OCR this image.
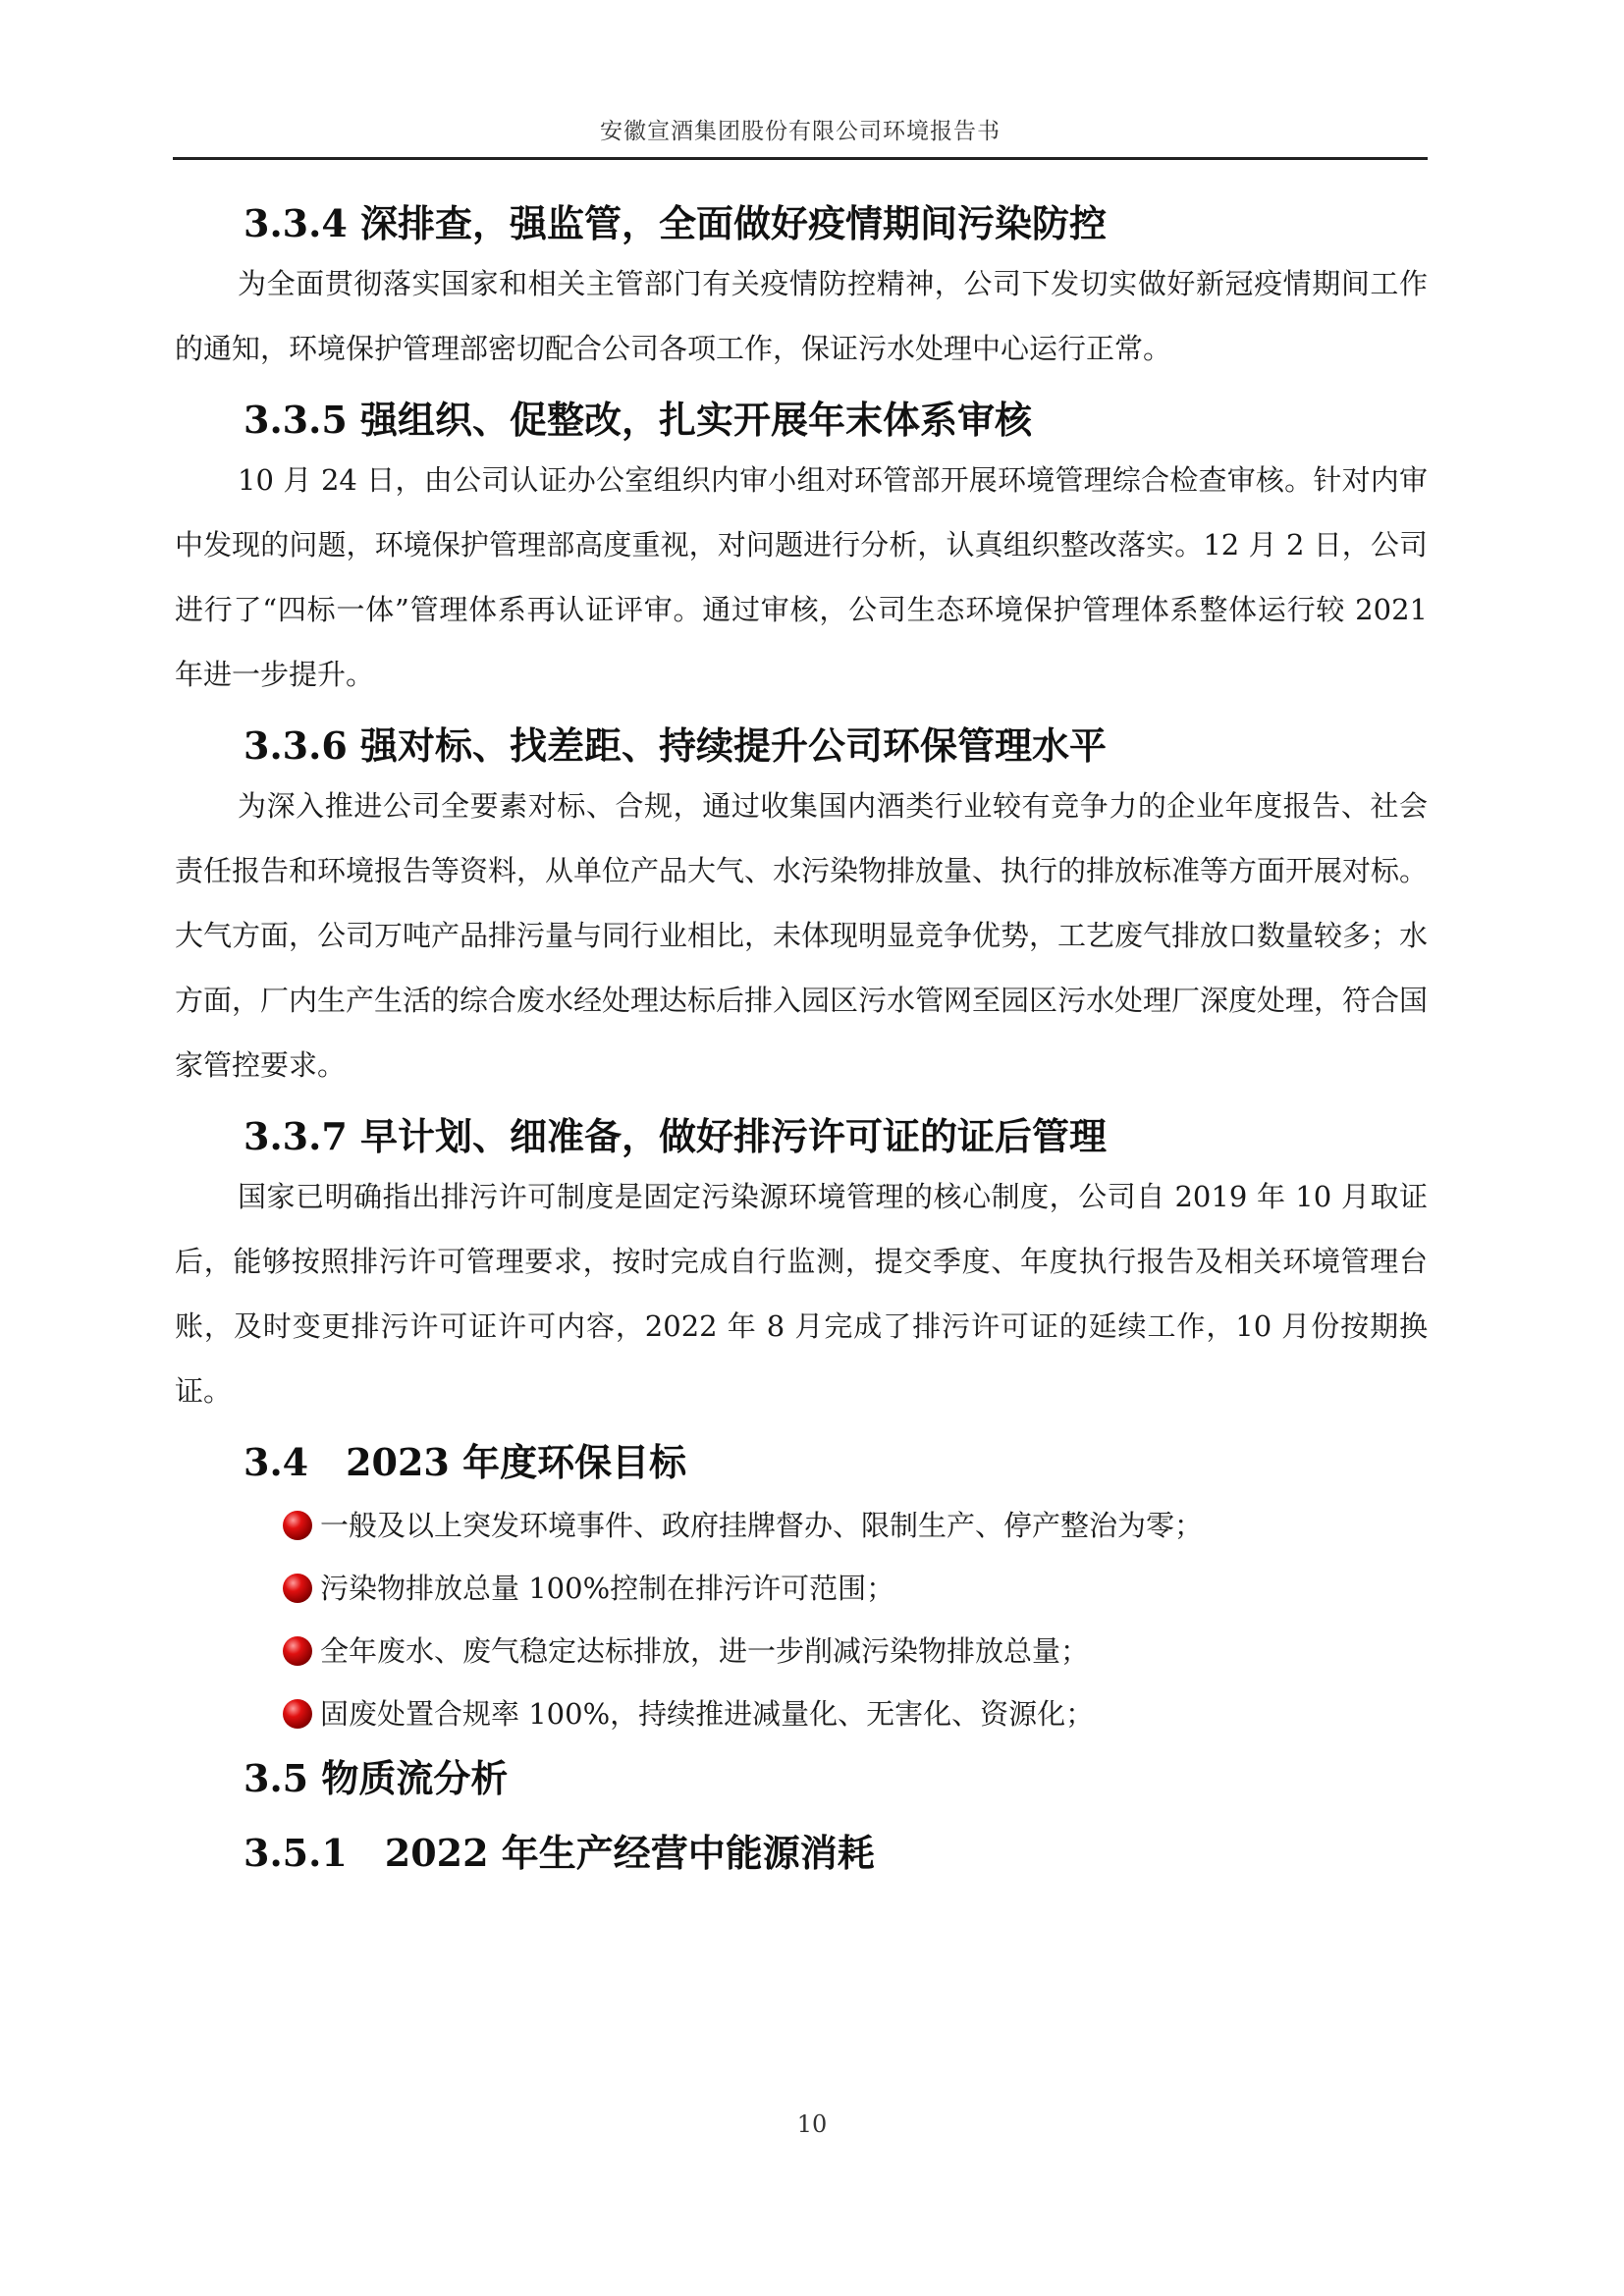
安徽宣酒集团股份有限公司环境报告书
3.3.4 深排查，强监管，全面做好疫情期间污染防控

为全面贯彻落实国家和相关主管部门有关疫情防控精神，公司下发切实做好新冠疫情期间工作的通知，环境保护管理部密切配合公司各项工作，保证污水处理中心运行正常。

3.3.5 强组织、促整改，扎实开展年末体系审核

10 月 24 日，由公司认证办公室组织内审小组对环管部开展环境管理综合检查审核。针对内审中发现的问题，环境保护管理部高度重视，对问题进行分析，认真组织整改落实。12 月 2 日，公司进行了“四标一体”管理体系再认证评审。通过审核，公司生态环境保护管理体系整体运行较 2021 年进一步提升。

3.3.6 强对标、找差距、持续提升公司环保管理水平

为深入推进公司全要素对标、合规，通过收集国内酒类行业较有竞争力的企业年度报告、社会责任报告和环境报告等资料，从单位产品大气、水污染物排放量、执行的排放标准等方面开展对标。大气方面，公司万吨产品排污量与同行业相比，未体现明显竞争优势，工艺废气排放口数量较多；水方面，厂内生产生活的综合废水经处理达标后排入园区污水管网至园区污水处理厂深度处理，符合国家管控要求。

3.3.7 早计划、细准备，做好排污许可证的证后管理

国家已明确指出排污许可制度是固定污染源环境管理的核心制度，公司自 2019 年 10 月取证后，能够按照排污许可管理要求，按时完成自行监测，提交季度、年度执行报告及相关环境管理台账，及时变更排污许可证许可内容，2022 年 8 月完成了排污许可证的延续工作，10 月份按期换证。

3.4　2023 年度环保目标
一般及以上突发环境事件、政府挂牌督办、限制生产、停产整治为零；
污染物排放总量 100%控制在排污许可范围；
全年废水、废气稳定达标排放，进一步削减污染物排放总量；
固废处置合规率 100%，持续推进减量化、无害化、资源化；
3.5 物质流分析
3.5.1　2022 年生产经营中能源消耗
10
